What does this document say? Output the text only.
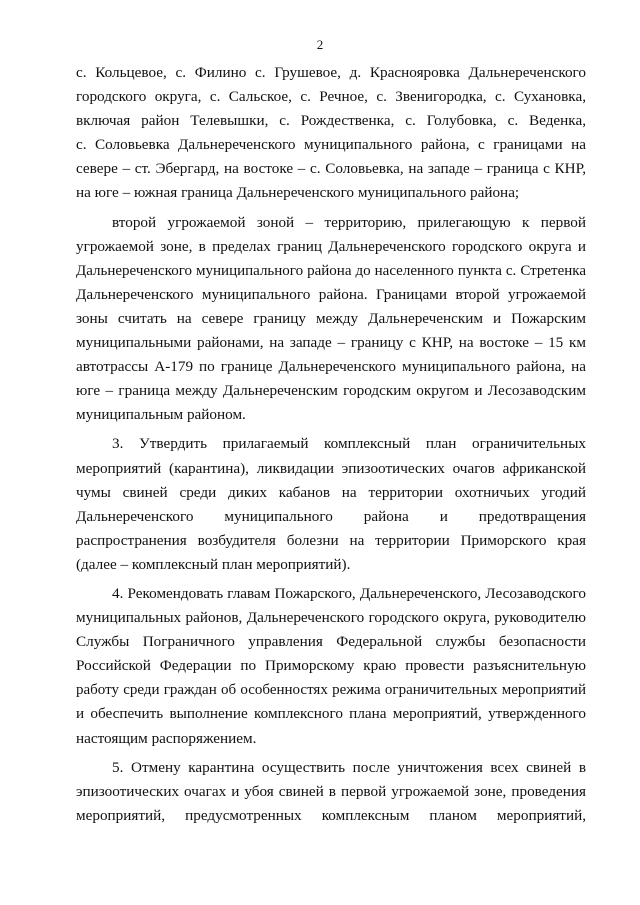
2
с. Кольцевое, с. Филино с. Грушевое, д. Краснояровка Дальнереченского
городского округа, с. Сальское, с. Речное, с. Звенигородка, с. Сухановка,
включая район Телевышки, с. Рождественка, с. Голубовка, с. Веденка,
с. Соловьевка Дальнереченского муниципального района, с границами на
севере – ст. Эбергард, на востоке – с. Соловьевка, на западе – граница с КНР,
на юге – южная граница Дальнереченского муниципального района;
второй угрожаемой зоной – территорию, прилегающую к первой
угрожаемой зоне, в пределах границ Дальнереченского городского округа и
Дальнереченского муниципального района до населенного пункта с. Стретенка
Дальнереченского муниципального района. Границами второй угрожаемой
зоны считать на севере границу между Дальнереченским и Пожарским
муниципальными районами, на западе – границу с КНР, на востоке – 15 км
автотрассы А-179 по границе Дальнереченского муниципального района, на
юге – граница между Дальнереченским городским округом и Лесозаводским
муниципальным районом.
3. Утвердить прилагаемый комплексный план ограничительных
мероприятий (карантина), ликвидации эпизоотических очагов африканской
чумы свиней среди диких кабанов на территории охотничьих угодий
Дальнереченского муниципального района и предотвращения
распространения возбудителя болезни на территории Приморского края
(далее – комплексный план мероприятий).
4. Рекомендовать главам Пожарского, Дальнереченского, Лесозаводского
муниципальных районов, Дальнереченского городского округа, руководителю
Службы Пограничного управления Федеральной службы безопасности
Российской Федерации по Приморскому краю провести разъяснительную
работу среди граждан об особенностях режима ограничительных мероприятий
и обеспечить выполнение комплексного плана мероприятий, утвержденного
настоящим распоряжением.
5. Отмену карантина осуществить после уничтожения всех свиней в
эпизоотических очагах и убоя свиней в первой угрожаемой зоне, проведения
мероприятий, предусмотренных комплексным планом мероприятий,
